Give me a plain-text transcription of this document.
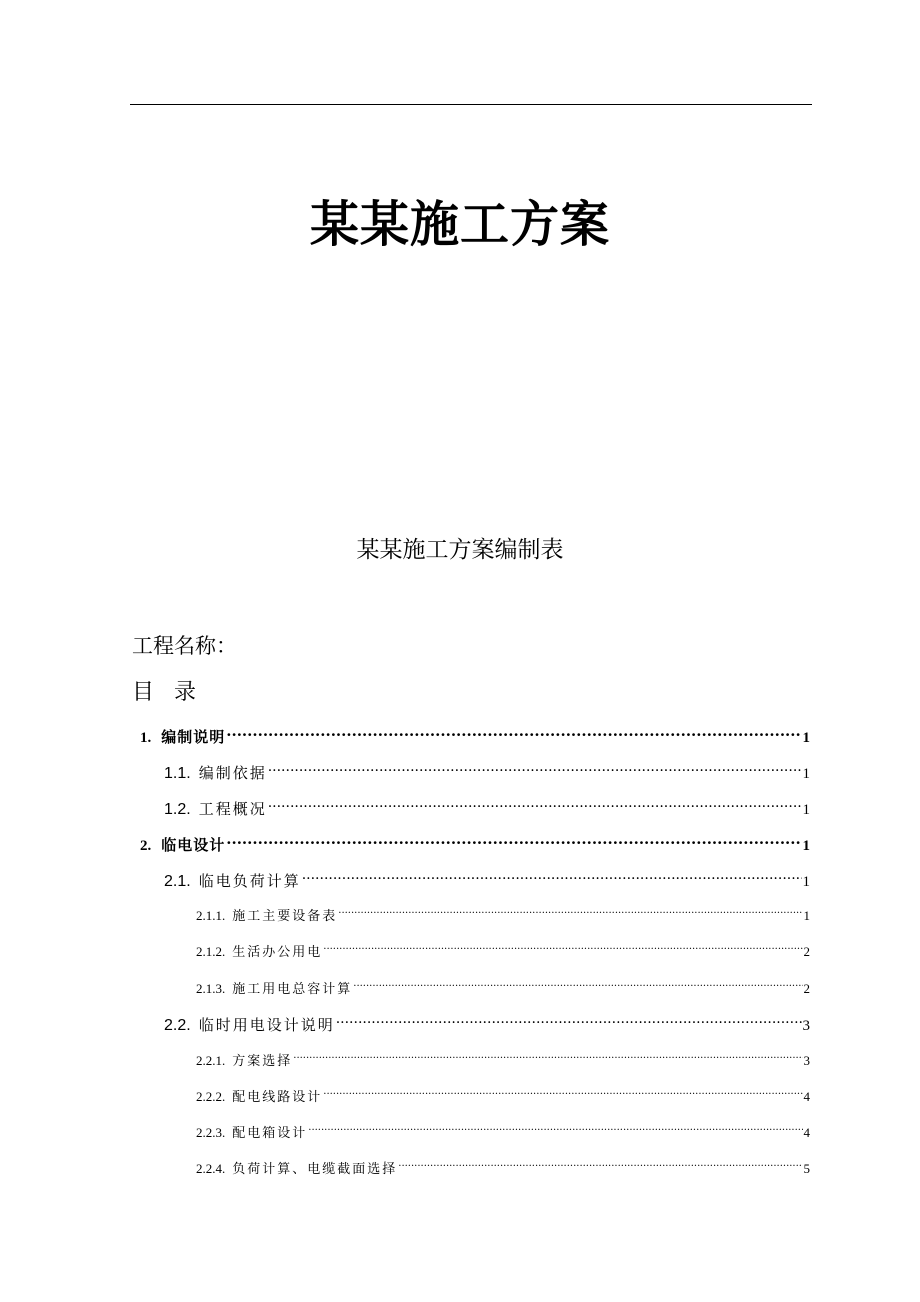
某某施工方案
某某施工方案编制表
工程名称：
目录
1. 编制说明 .....	1
1.1. 编制依据 .....	1
1.2. 工程概况 .....	1
2. 临电设计 .....	1
2.1. 临电负荷计算 .....	1
2.1.1. 施工主要设备表 .....	1
2.1.2. 生活办公用电 .....	2
2.1.3. 施工用电总容计算 .....	2
2.2. 临时用电设计说明 .....	3
2.2.1. 方案选择 .....	3
2.2.2. 配电线路设计 .....	4
2.2.3. 配电箱设计 .....	4
2.2.4. 负荷计算、电缆截面选择 .....	5
